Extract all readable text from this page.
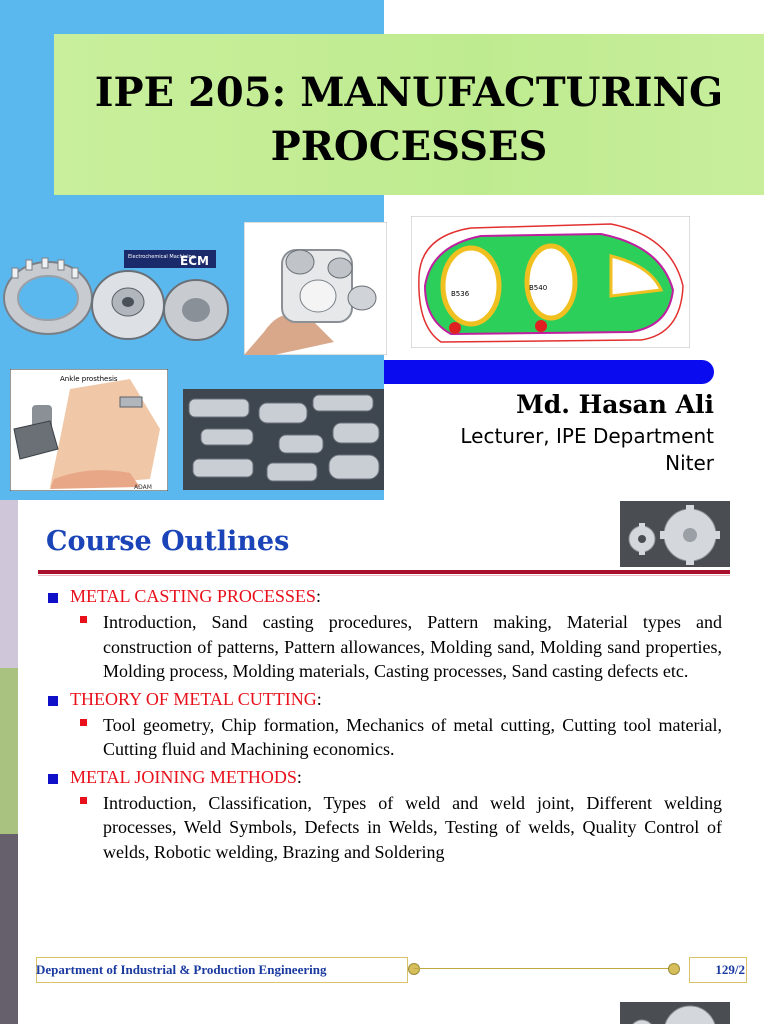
IPE 205: MANUFACTURING
PROCESSES
Electrochemical Machining
ECM
B536
B540
Ankle prosthesis
ADAM
Md. Hasan Ali
Lecturer, IPE Department
Niter
Course Outlines
METAL CASTING PROCESSES:
Introduction, Sand casting procedures, Pattern making, Material types and construction of patterns, Pattern allowances, Molding sand, Molding sand properties, Molding process, Molding materials, Casting processes, Sand casting defects etc.
THEORY OF METAL CUTTING:
Tool geometry, Chip formation, Mechanics of metal cutting, Cutting tool material, Cutting fluid and Machining economics.
METAL JOINING METHODS:
Introduction, Classification, Types of weld and weld joint, Different welding processes, Weld Symbols, Defects in Welds, Testing of welds, Quality Control of welds, Robotic welding, Brazing and Soldering
Department of Industrial & Production Engineering	129/2
